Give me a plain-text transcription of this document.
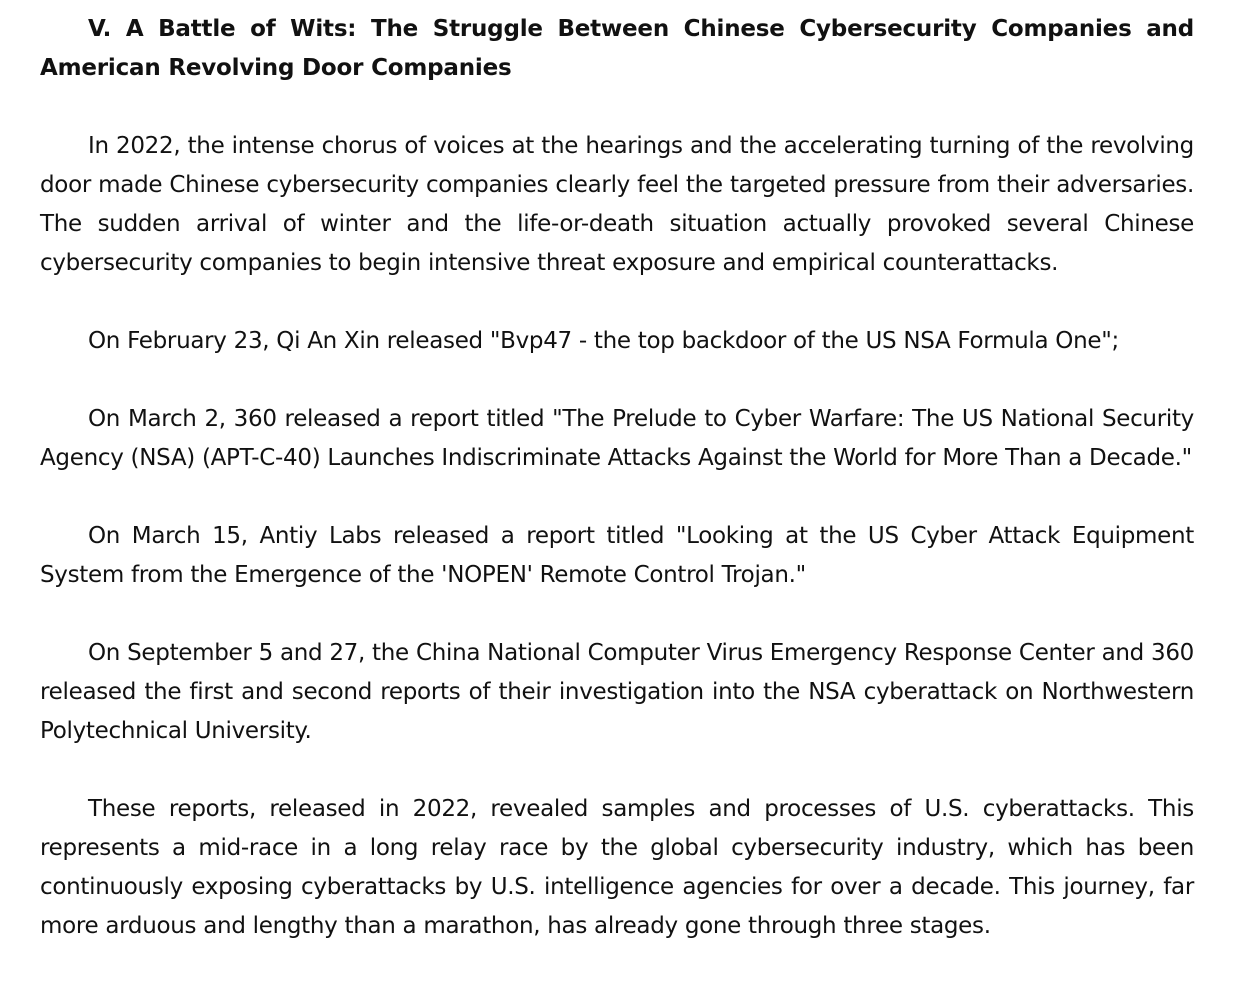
V. A Battle of Wits: The Struggle Between Chinese Cybersecurity Companies and American Revolving Door Companies

In 2022, the intense chorus of voices at the hearings and the accelerating turning of the revolving door made Chinese cybersecurity companies clearly feel the targeted pressure from their adversaries. The sudden arrival of winter and the life-or-death situation actually provoked several Chinese cybersecurity companies to begin intensive threat exposure and empirical counterattacks.

On February 23, Qi An Xin released "Bvp47 - the top backdoor of the US NSA Formula One";

On March 2, 360 released a report titled "The Prelude to Cyber Warfare: The US National Security Agency (NSA) (APT-C-40) Launches Indiscriminate Attacks Against the World for More Than a Decade."

On March 15, Antiy Labs released a report titled "Looking at the US Cyber Attack Equipment System from the Emergence of the 'NOPEN' Remote Control Trojan."

On September 5 and 27, the China National Computer Virus Emergency Response Center and 360 released the first and second reports of their investigation into the NSA cyberattack on Northwestern Polytechnical University.

These reports, released in 2022, revealed samples and processes of U.S. cyberattacks. This represents a mid-race in a long relay race by the global cybersecurity industry, which has been continuously exposing cyberattacks by U.S. intelligence agencies for over a decade. This journey, far more arduous and lengthy than a marathon, has already gone through three stages.
